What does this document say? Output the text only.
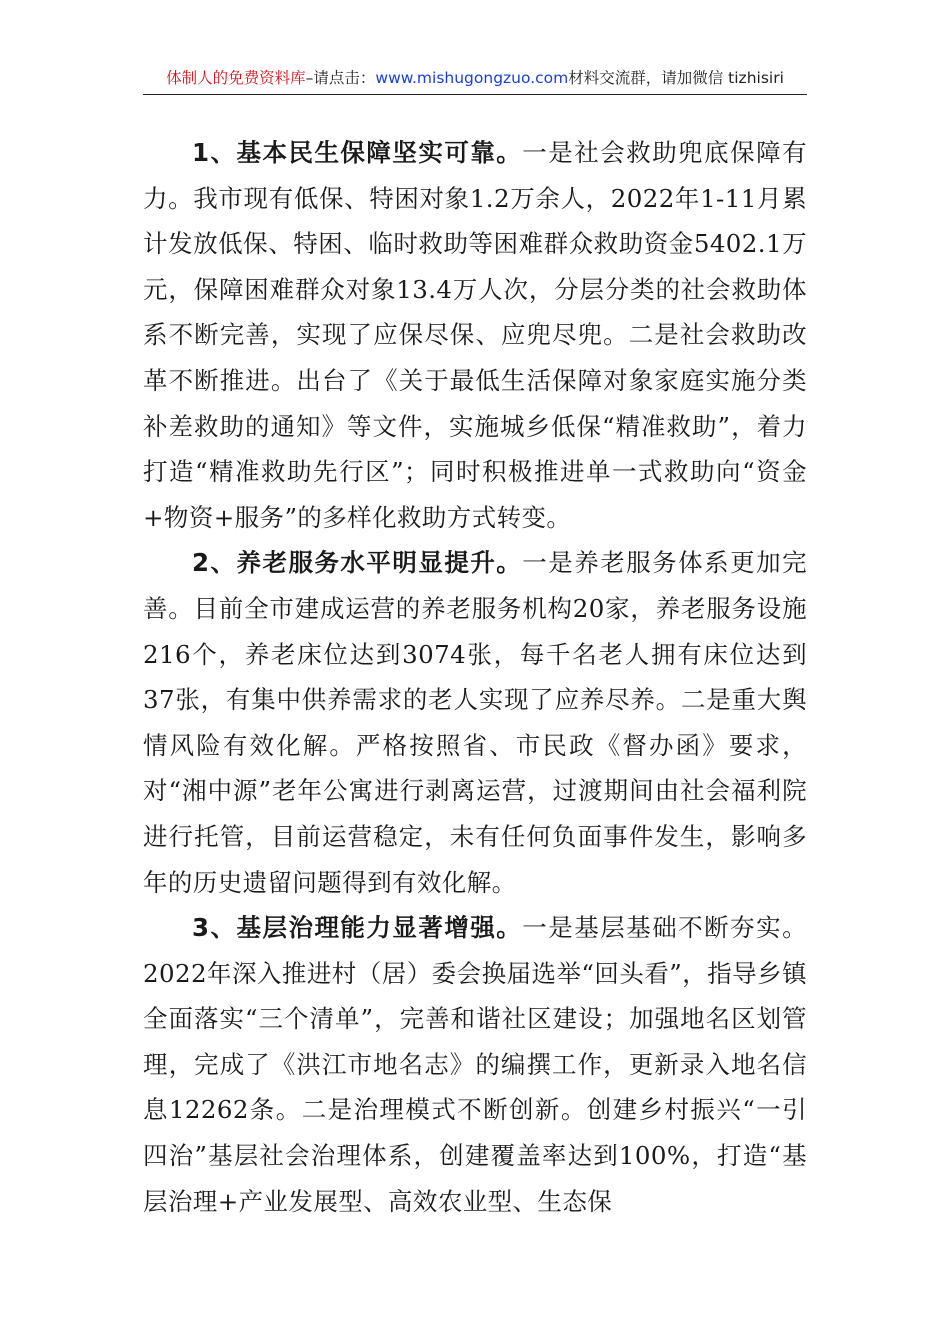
体制人的免费资料库–请点击：www.mishugongzuo.com材料交流群，请加微信 tizhisiri

1、基本民生保障坚实可靠。一是社会救助兜底保障有力。我市现有低保、特困对象1.2万余人，2022年1-11月累计发放低保、特困、临时救助等困难群众救助资金5402.1万元，保障困难群众对象13.4万人次，分层分类的社会救助体系不断完善，实现了应保尽保、应兜尽兜。二是社会救助改革不断推进。出台了《关于最低生活保障对象家庭实施分类补差救助的通知》等文件，实施城乡低保“精准救助”，着力打造“精准救助先行区”；同时积极推进单一式救助向“资金+物资+服务”的多样化救助方式转变。

2、养老服务水平明显提升。一是养老服务体系更加完善。目前全市建成运营的养老服务机构20家，养老服务设施216个，养老床位达到3074张，每千名老人拥有床位达到37张，有集中供养需求的老人实现了应养尽养。二是重大舆情风险有效化解。严格按照省、市民政《督办函》要求，对“湘中源”老年公寓进行剥离运营，过渡期间由社会福利院进行托管，目前运营稳定，未有任何负面事件发生，影响多年的历史遗留问题得到有效化解。

3、基层治理能力显著增强。一是基层基础不断夯实。2022年深入推进村（居）委会换届选举“回头看”，指导乡镇全面落实“三个清单”，完善和谐社区建设；加强地名区划管理，完成了《洪江市地名志》的编撰工作，更新录入地名信息12262条。二是治理模式不断创新。创建乡村振兴“一引四治”基层社会治理体系，创建覆盖率达到100%，打造“基层治理+产业发展型、高效农业型、生态保
